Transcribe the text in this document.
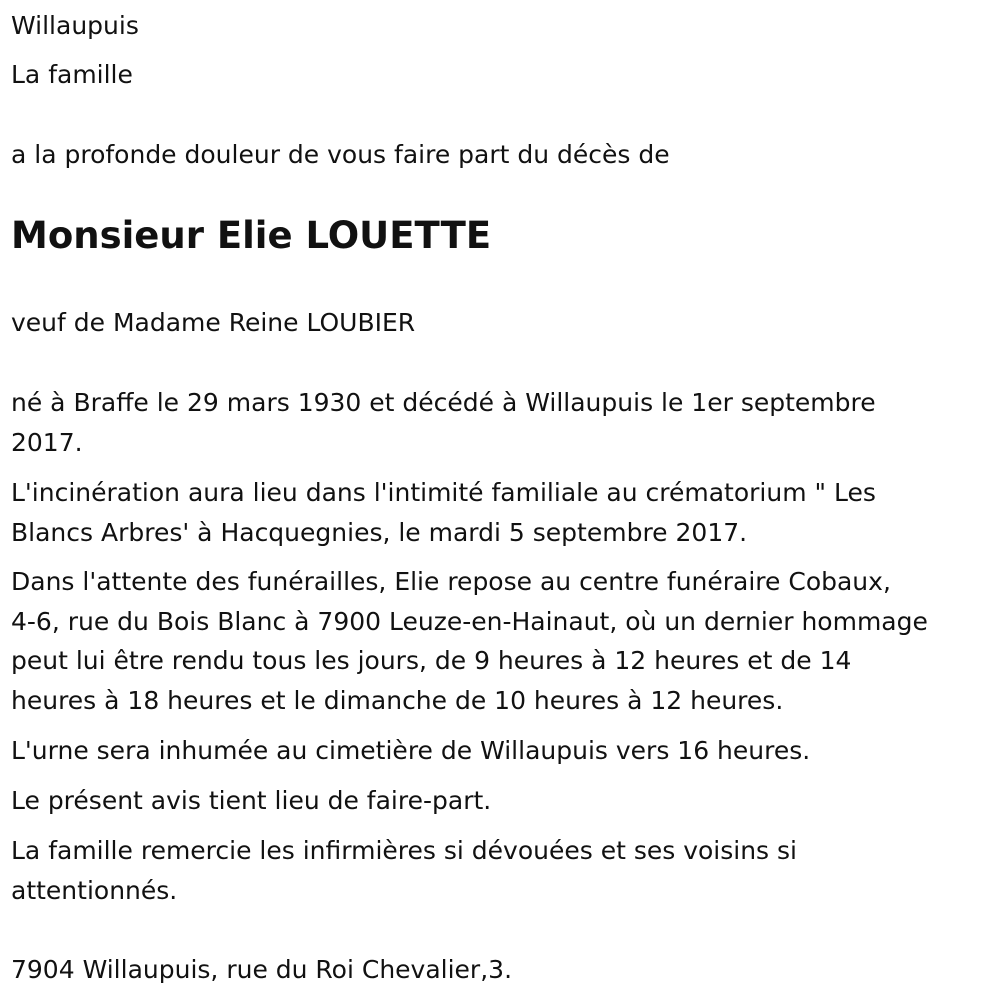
Willaupuis

La famille

a la profonde douleur de vous faire part du décès de

Monsieur Elie LOUETTE

veuf de Madame Reine LOUBIER

né à Braffe le 29 mars 1930 et décédé à Willaupuis le 1er septembre
2017.
L'incinération aura lieu dans l'intimité familiale au crématorium " Les
Blancs Arbres' à Hacquegnies, le mardi 5 septembre 2017.
Dans l'attente des funérailles, Elie repose au centre funéraire Cobaux,
4-6, rue du Bois Blanc à 7900 Leuze-en-Hainaut, où un dernier hommage
peut lui être rendu tous les jours, de 9 heures à 12 heures et de 14
heures à 18 heures et le dimanche de 10 heures à 12 heures.

L'urne sera inhumée au cimetière de Willaupuis vers 16 heures.

Le présent avis tient lieu de faire-part.

La famille remercie les infirmières si dévouées et ses voisins si
attentionnés.

7904 Willaupuis, rue du Roi Chevalier,3.
